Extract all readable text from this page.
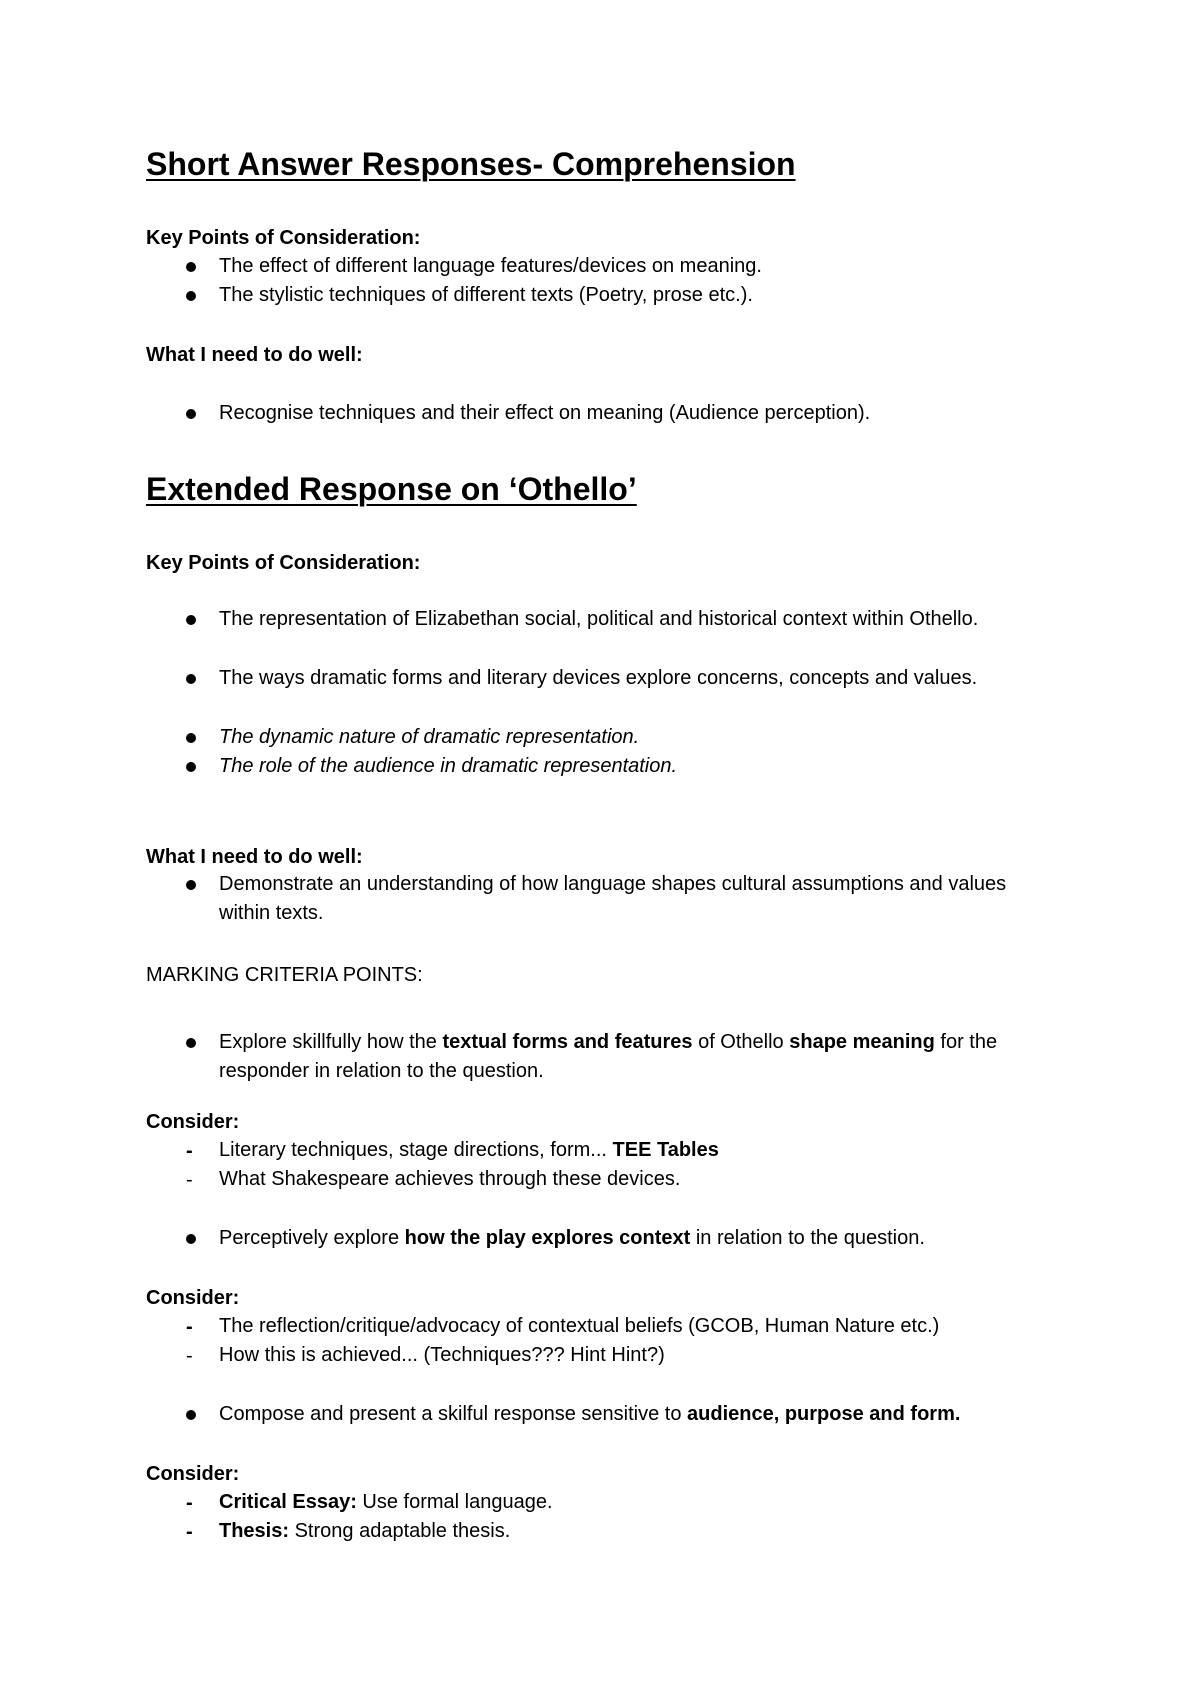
Short Answer Responses- Comprehension
Key Points of Consideration:
The effect of different language features/devices on meaning.
The stylistic techniques of different texts (Poetry, prose etc.).
What I need to do well:
Recognise techniques and their effect on meaning (Audience perception).
Extended Response on ‘Othello’
Key Points of Consideration:
The representation of Elizabethan social, political and historical context within Othello.
The ways dramatic forms and literary devices explore concerns, concepts and values.
The dynamic nature of dramatic representation.
The role of the audience in dramatic representation.
What I need to do well:
Demonstrate an understanding of how language shapes cultural assumptions and values within texts.
MARKING CRITERIA POINTS:
Explore skillfully how the textual forms and features of Othello shape meaning for the responder in relation to the question.
Consider:
- Literary techniques, stage directions, form... TEE Tables
- What Shakespeare achieves through these devices.
Perceptively explore how the play explores context in relation to the question.
Consider:
- The reflection/critique/advocacy of contextual beliefs (GCOB, Human Nature etc.)
- How this is achieved... (Techniques??? Hint Hint?)
Compose and present a skilful response sensitive to audience, purpose and form.
Consider:
- Critical Essay: Use formal language.
- Thesis: Strong adaptable thesis.
